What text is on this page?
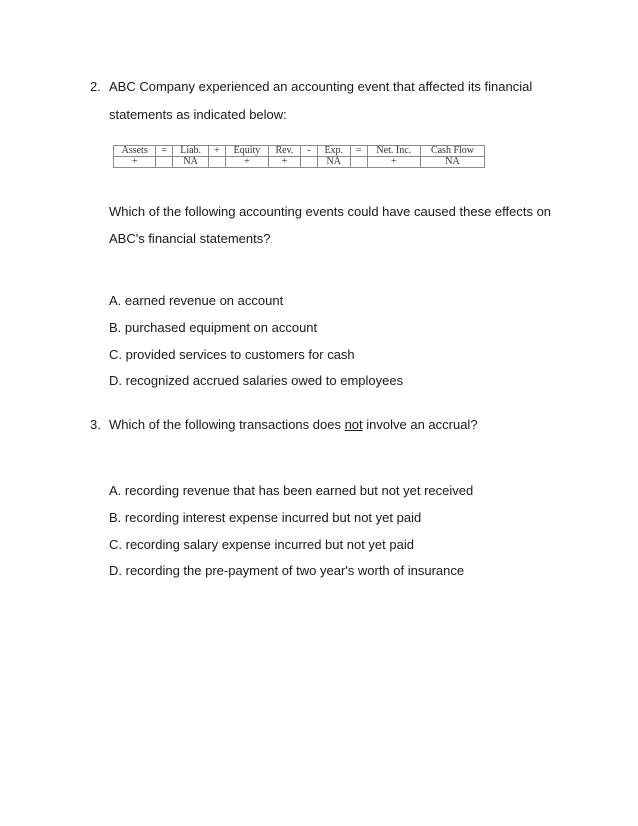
2. ABC Company experienced an accounting event that affected its financial
statements as indicated below:
Assets	=	Liab.	+	Equity	Rev.	-	Exp.	=	Net. Inc.	Cash Flow
+		NA		+	+		NA		+	NA
Which of the following accounting events could have caused these effects on
ABC's financial statements?
A. earned revenue on account
B. purchased equipment on account
C. provided services to customers for cash
D. recognized accrued salaries owed to employees
3. Which of the following transactions does not involve an accrual?
A. recording revenue that has been earned but not yet received
B. recording interest expense incurred but not yet paid
C. recording salary expense incurred but not yet paid
D. recording the pre-payment of two year's worth of insurance
